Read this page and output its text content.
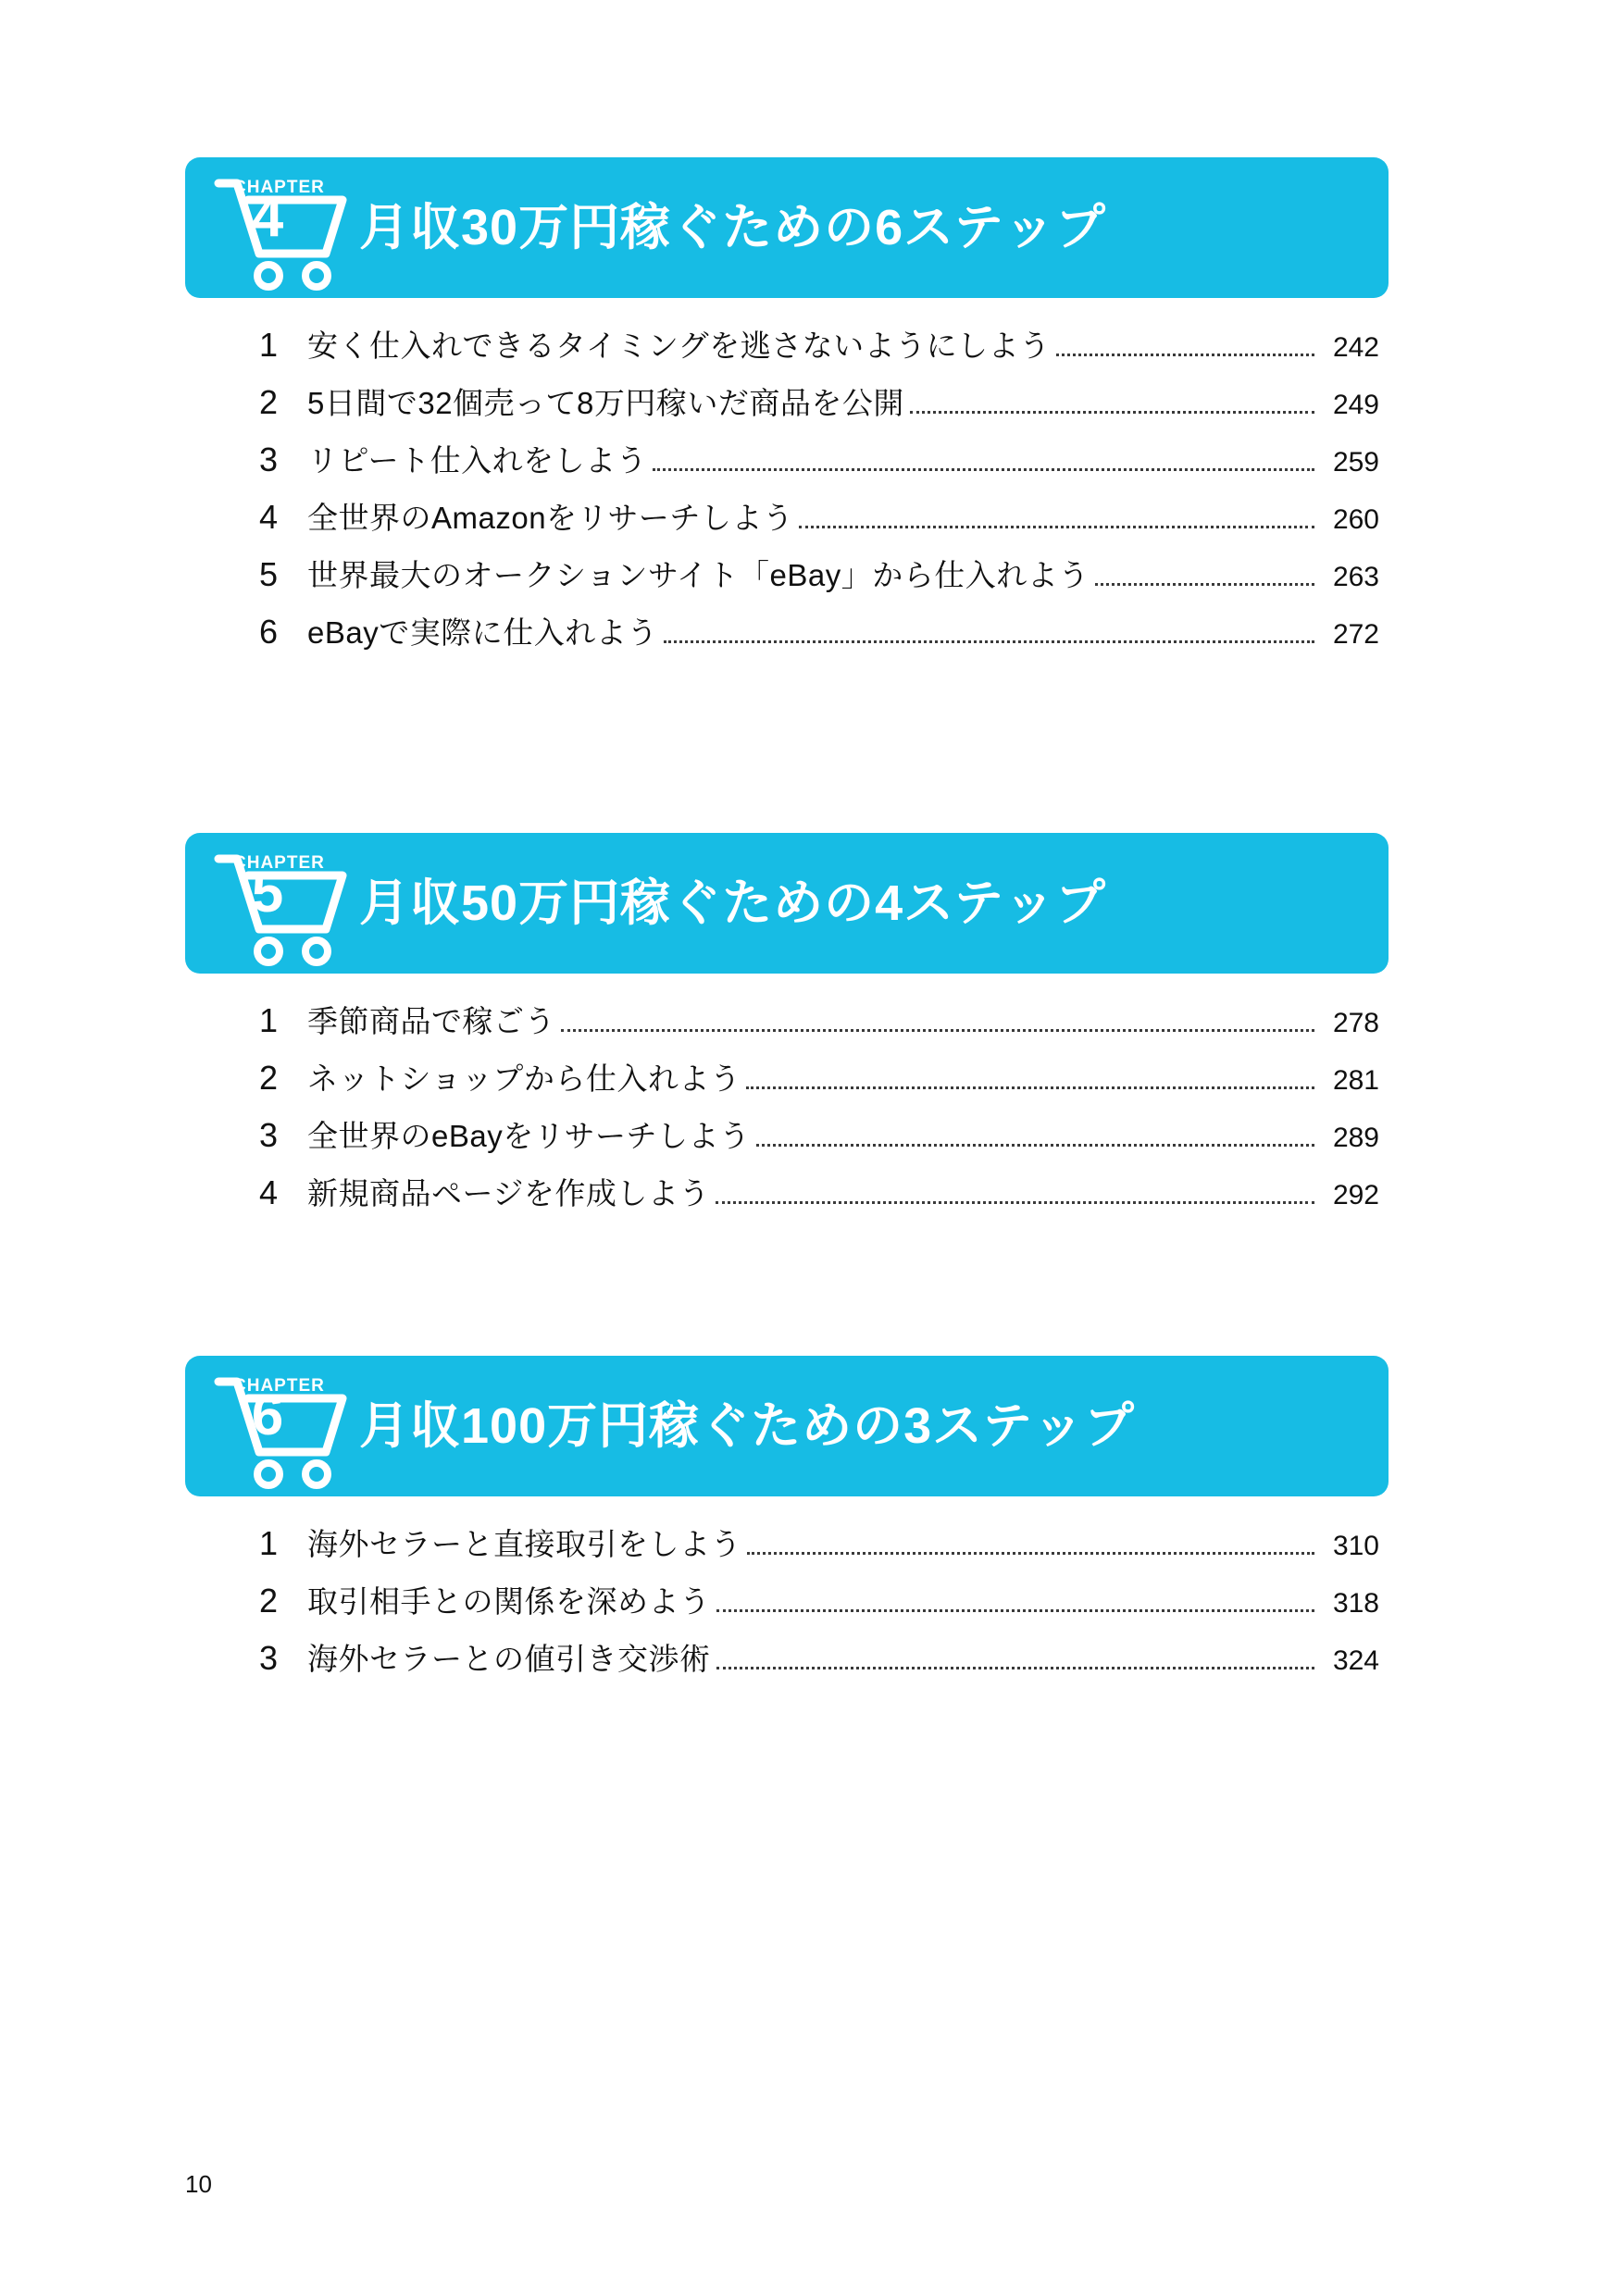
CHAPTER
4	月収30万円稼ぐための6ステップ
1 安く仕入れできるタイミングを逃さないようにしよう	242
2 5日間で32個売って8万円稼いだ商品を公開	249
3 リピート仕入れをしよう	259
4 全世界のAmazonをリサーチしよう	260
5 世界最大のオークションサイト「eBay」から仕入れよう	263
6 eBayで実際に仕入れよう	272
CHAPTER
5	月収50万円稼ぐための4ステップ
1 季節商品で稼ごう	278
2 ネットショップから仕入れよう	281
3 全世界のeBayをリサーチしよう	289
4 新規商品ページを作成しよう	292
CHAPTER
6	月収100万円稼ぐための3ステップ
1 海外セラーと直接取引をしよう	310
2 取引相手との関係を深めよう	318
3 海外セラーとの値引き交渉術	324
10
